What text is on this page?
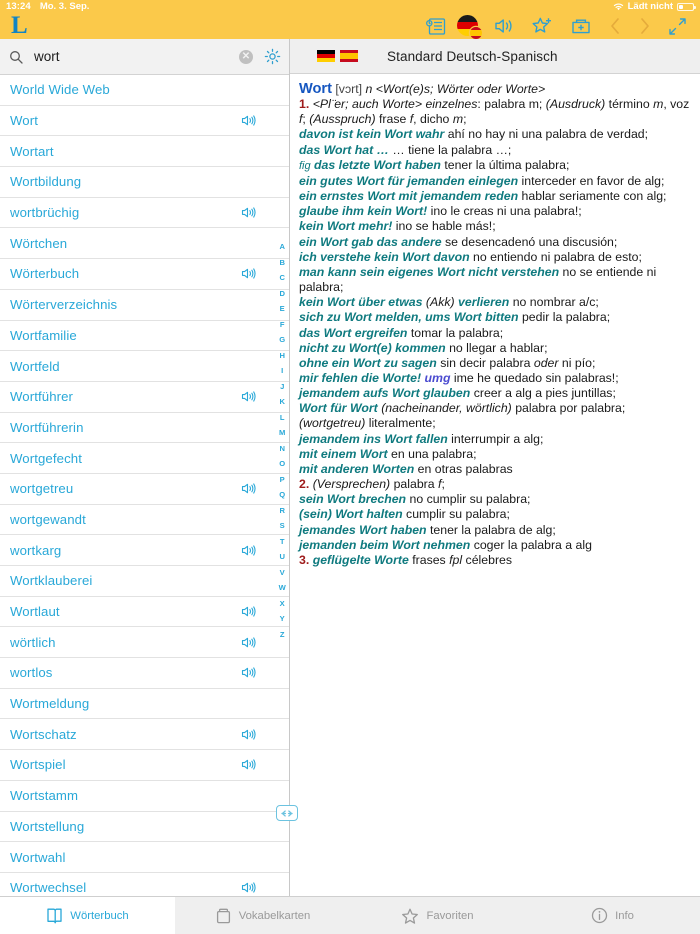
13:24 Mo. 3. Sep.	Lädt nicht
L
wort
✕
World Wide Web
Wort
Wortart
Wortbildung
wortbrüchig
Wörtchen
Wörterbuch
Wörterverzeichnis
Wortfamilie
Wortfeld
Wortführer
Wortführerin
Wortgefecht
wortgetreu
wortgewandt
wortkarg
Wortklauberei
Wortlaut
wörtlich
wortlos
Wortmeldung
Wortschatz
Wortspiel
Wortstamm
Wortstellung
Wortwahl
Wortwechsel
A
B
C
D
E
F
G
H
I
J
K
L
M
N
O
P
Q
R
S
T
U
V
W
X
Y
Z
Standard Deutsch-Spanisch

Wort [vɔrt] n <Wort(e)s; Wörter oder Worte>

1. <Pl ̈er; auch Worte> einzelnes: palabra m; (Ausdruck) término m, voz f; (Ausspruch) frase f, dicho m;

davon ist kein Wort wahr ahí no hay ni una palabra de verdad;

das Wort hat … … tiene la palabra …;

fig das letzte Wort haben tener la última palabra;

ein gutes Wort für jemanden einlegen interceder en favor de alg;

ein ernstes Wort mit jemandem reden hablar seriamente con alg;

glaube ihm kein Wort! ino le creas ni una palabra!;

kein Wort mehr! ino se hable más!;

ein Wort gab das andere se desencadenó una discusión;

ich verstehe kein Wort davon no entiendo ni palabra de esto;

man kann sein eigenes Wort nicht verstehen no se entiende ni palabra;

kein Wort über etwas (Akk) verlieren no nombrar a/c;

sich zu Wort melden, ums Wort bitten pedir la palabra;

das Wort ergreifen tomar la palabra;

nicht zu Wort(e) kommen no llegar a hablar;

ohne ein Wort zu sagen sin decir palabra oder ni pío;

mir fehlen die Worte! umg ime he quedado sin palabras!;

jemandem aufs Wort glauben creer a alg a pies juntillas;

Wort für Wort (nacheinander, wörtlich) palabra por palabra; (wortgetreu) literalmente;

jemandem ins Wort fallen interrumpir a alg;

mit einem Wort en una palabra;

mit anderen Worten en otras palabras

2. (Versprechen) palabra f;

sein Wort brechen no cumplir su palabra;

(sein) Wort halten cumplir su palabra;

jemandes Wort haben tener la palabra de alg;

jemanden beim Wort nehmen coger la palabra a alg

3. geflügelte Worte frases fpl célebres

Wörterbuch	Vokabelkarten	Favoriten	Info
